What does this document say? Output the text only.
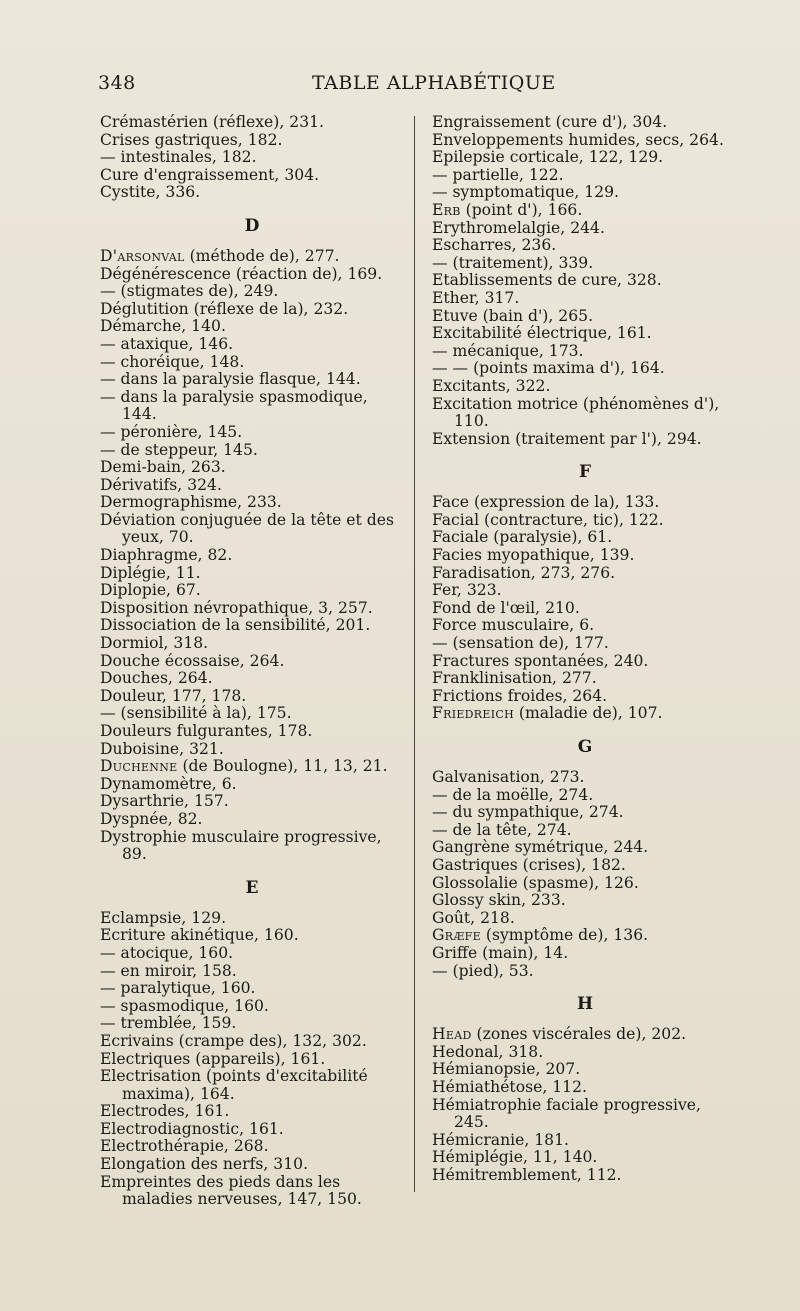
348	TABLE ALPHABÉTIQUE
Crémastérien (réflexe), 231.
Crises gastriques, 182.
— intestinales, 182.
Cure d'engraissement, 304.
Cystite, 336.
D
D'arsonval (méthode de), 277.
Dégénérescence (réaction de), 169.
— (stigmates de), 249.
Déglutition (réflexe de la), 232.
Démarche, 140.
— ataxique, 146.
— choréique, 148.
— dans la paralysie flasque, 144.
— dans la paralysie spasmodique, 144.
— péronière, 145.
— de steppeur, 145.
Demi-bain, 263.
Dérivatifs, 324.
Dermographisme, 233.
Déviation conjuguée de la tête et des yeux, 70.
Diaphragme, 82.
Diplégie, 11.
Diplopie, 67.
Disposition névropathique, 3, 257.
Dissociation de la sensibilité, 201.
Dormiol, 318.
Douche écossaise, 264.
Douches, 264.
Douleur, 177, 178.
— (sensibilité à la), 175.
Douleurs fulgurantes, 178.
Duboisine, 321.
Duchenne (de Boulogne), 11, 13, 21.
Dynamomètre, 6.
Dysarthrie, 157.
Dyspnée, 82.
Dystrophie musculaire progressive, 89.
E
Eclampsie, 129.
Ecriture akinétique, 160.
— atocique, 160.
— en miroir, 158.
— paralytique, 160.
— spasmodique, 160.
— tremblée, 159.
Ecrivains (crampe des), 132, 302.
Electriques (appareils), 161.
Electrisation (points d'excitabilité maxima), 164.
Electrodes, 161.
Electrodiagnostic, 161.
Electrothérapie, 268.
Elongation des nerfs, 310.
Empreintes des pieds dans les maladies nerveuses, 147, 150.
Engraissement (cure d'), 304.
Enveloppements humides, secs, 264.
Epilepsie corticale, 122, 129.
— partielle, 122.
— symptomatique, 129.
Erb (point d'), 166.
Erythromelalgie, 244.
Escharres, 236.
— (traitement), 339.
Etablissements de cure, 328.
Ether, 317.
Etuve (bain d'), 265.
Excitabilité électrique, 161.
— mécanique, 173.
— — (points maxima d'), 164.
Excitants, 322.
Excitation motrice (phénomènes d'), 110.
Extension (traitement par l'), 294.
F
Face (expression de la), 133.
Facial (contracture, tic), 122.
Faciale (paralysie), 61.
Facies myopathique, 139.
Faradisation, 273, 276.
Fer, 323.
Fond de l'œil, 210.
Force musculaire, 6.
— (sensation de), 177.
Fractures spontanées, 240.
Franklinisation, 277.
Frictions froides, 264.
Friedreich (maladie de), 107.
G
Galvanisation, 273.
— de la moëlle, 274.
— du sympathique, 274.
— de la tête, 274.
Gangrène symétrique, 244.
Gastriques (crises), 182.
Glossolalie (spasme), 126.
Glossy skin, 233.
Goût, 218.
Græfe (symptôme de), 136.
Griffe (main), 14.
— (pied), 53.
H
Head (zones viscérales de), 202.
Hedonal, 318.
Hémianopsie, 207.
Hémiathétose, 112.
Hémiatrophie faciale progressive, 245.
Hémicranie, 181.
Hémiplégie, 11, 140.
Hémitremblement, 112.
